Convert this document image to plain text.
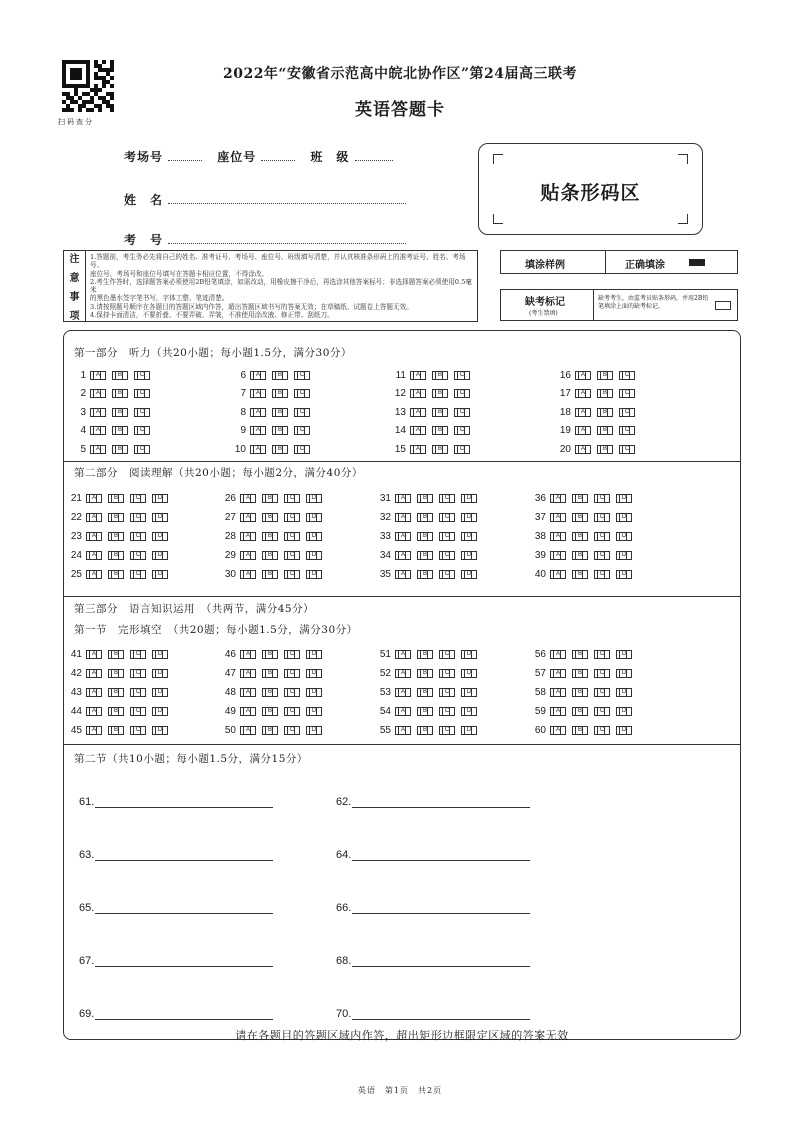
扫码查分
2022年“安徽省示范高中皖北协作区”第24届高三联考
英语答题卡
考场号	座位号	班　级
姓　名
考　号
贴条形码区
注
意
事
项
1.答题前，考生务必先将自己的姓名、准考证号、考场号、座位号、班级填写清楚，并认真核准条形码上的准考证号、姓名、考场号、
座位号，考场号和座位号填写在答题卡相应位置，不得涂改。
2.考生作答时，选择题答案必须使用2B铅笔填涂，如需改动，用橡皮擦干净后，再选涂其他答案标号；非选择题答案必须使用0.5毫米
的黑色墨水签字笔书写，字体工整、笔迹清楚。
3.请按照题号顺序在各题目的答题区域内作答，超出答题区域书写的答案无效；在草稿纸、试题卷上答题无效。
4.保持卡面清洁，不要折叠、不要弄破、弄皱，不准使用涂改液、修正带、刮纸刀。
填涂样例	正确填涂
缺考标记
(考生禁填)
缺考考生，由监考员贴条形码，并用2B铅笔填涂上面的缺考标记。
第一部分　听力（共20小题；每小题1.5分，满分30分）
1	A	B	C
2	A	B	C
3	A	B	C
4	A	B	C
5	A	B	C
6	A	B	C
7	A	B	C
8	A	B	C
9	A	B	C
10	A	B	C
11	A	B	C
12	A	B	C
13	A	B	C
14	A	B	C
15	A	B	C
16	A	B	C
17	A	B	C
18	A	B	C
19	A	B	C
20	A	B	C
第二部分　阅读理解（共20小题；每小题2分，满分40分）
21	A	B	C	D
22	A	B	C	D
23	A	B	C	D
24	A	B	C	D
25	A	B	C	D
26	A	B	C	D
27	A	B	C	D
28	A	B	C	D
29	A	B	C	D
30	A	B	C	D
31	A	B	C	D
32	A	B	C	D
33	A	B	C	D
34	A	B	C	D
35	A	B	C	D
36	A	B	C	D
37	A	B	C	D
38	A	B	C	D
39	A	B	C	D
40	A	B	C	D
第三部分　语言知识运用　（共两节，满分45分）
第一节　完形填空　（共20题；每小题1.5分，满分30分）
41	A	B	C	D
42	A	B	C	D
43	A	B	C	D
44	A	B	C	D
45	A	B	C	D
46	A	B	C	D
47	A	B	C	D
48	A	B	C	D
49	A	B	C	D
50	A	B	C	D
51	A	B	C	D
52	A	B	C	D
53	A	B	C	D
54	A	B	C	D
55	A	B	C	D
56	A	B	C	D
57	A	B	C	D
58	A	B	C	D
59	A	B	C	D
60	A	B	C	D
第二节（共10小题；每小题1.5分，满分15分）
61.	62.
63.	64.
65.	66.
67.	68.
69.	70.
请在各题目的答题区域内作答，超出矩形边框限定区域的答案无效
英语　第1页　共2页
